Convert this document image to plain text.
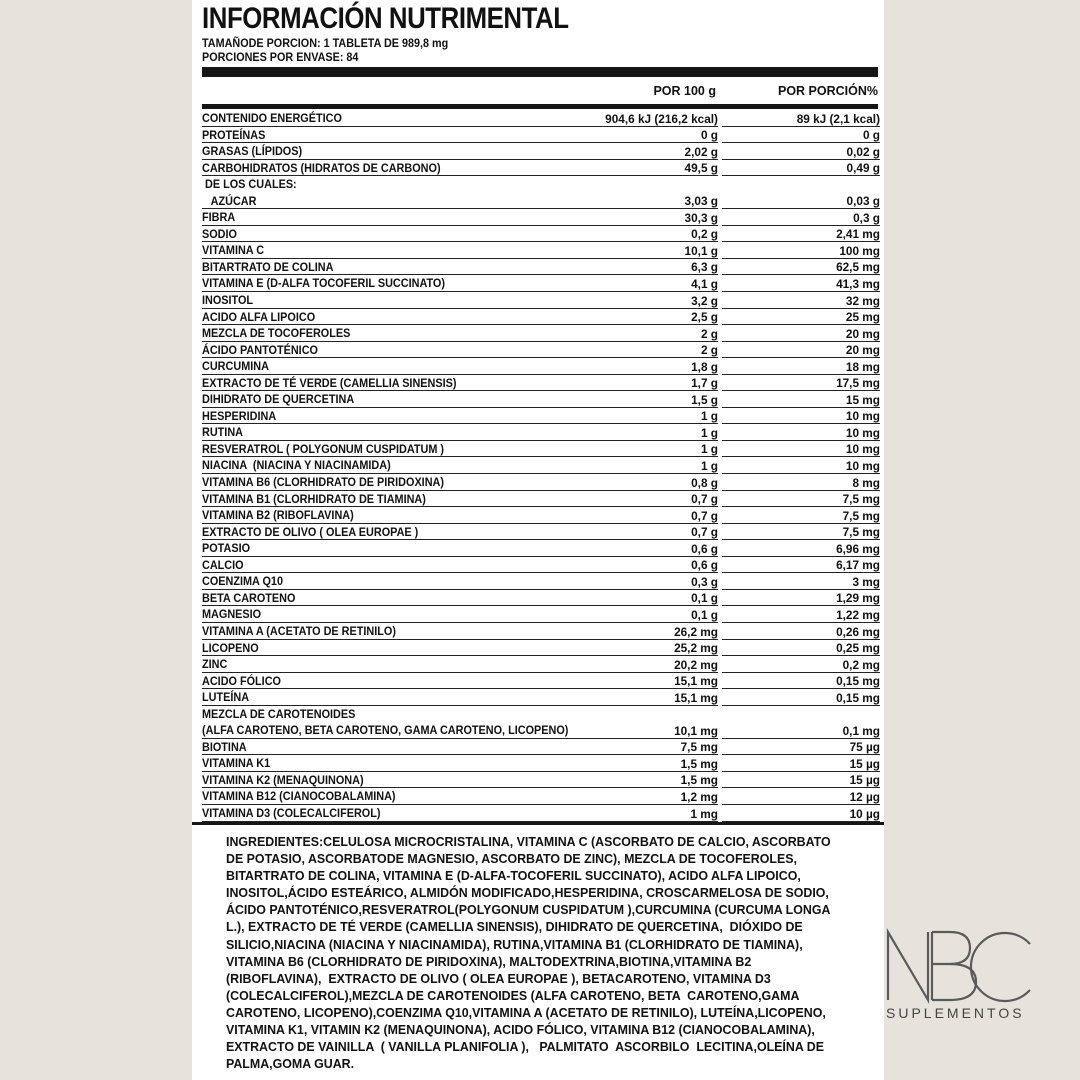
INFORMACIÓN NUTRIMENTAL
TAMAÑODE PORCION: 1 TABLETA DE 989,8 mg
PORCIONES POR ENVASE: 84
POR 100 g	POR PORCIÓN%
CONTENIDO ENERGÉTICO	904,6 kJ (216,2 kcal)	89 kJ (2,1 kcal)
PROTEÍNAS	0 g	0 g
GRASAS (LÍPIDOS)	2,02 g	0,02 g
CARBOHIDRATOS (HIDRATOS DE CARBONO)	49,5 g	0,49 g
DE LOS CUALES:
AZÚCAR	3,03 g	0,03 g
FIBRA	30,3 g	0,3 g
SODIO	0,2 g	2,41 mg
VITAMINA C	10,1 g	100 mg
BITARTRATO DE COLINA	6,3 g	62,5 mg
VITAMINA E (D-ALFA TOCOFERIL SUCCINATO)	4,1 g	41,3 mg
INOSITOL	3,2 g	32 mg
ACIDO ALFA LIPOICO	2,5 g	25 mg
MEZCLA DE TOCOFEROLES	2 g	20 mg
ÁCIDO PANTOTÉNICO	2 g	20 mg
CURCUMINA	1,8 g	18 mg
EXTRACTO DE TÉ VERDE (CAMELLIA SINENSIS)	1,7 g	17,5 mg
DIHIDRATO DE QUERCETINA	1,5 g	15 mg
HESPERIDINA	1 g	10 mg
RUTINA	1 g	10 mg
RESVERATROL ( POLYGONUM CUSPIDATUM )	1 g	10 mg
NIACINA  (NIACINA Y NIACINAMIDA)	1 g	10 mg
VITAMINA B6 (CLORHIDRATO DE PIRIDOXINA)	0,8 g	8 mg
VITAMINA B1 (CLORHIDRATO DE TIAMINA)	0,7 g	7,5 mg
VITAMINA B2 (RIBOFLAVINA)	0,7 g	7,5 mg
EXTRACTO DE OLIVO ( OLEA EUROPAE )	0,7 g	7,5 mg
POTASIO	0,6 g	6,96 mg
CALCIO	0,6 g	6,17 mg
COENZIMA Q10	0,3 g	3 mg
BETA CAROTENO	0,1 g	1,29 mg
MAGNESIO	0,1 g	1,22 mg
VITAMINA A (ACETATO DE RETINILO)	26,2 mg	0,26 mg
LICOPENO	25,2 mg	0,25 mg
ZINC	20,2 mg	0,2 mg
ACIDO FÓLICO	15,1 mg	0,15 mg
LUTEÍNA	15,1 mg	0,15 mg
MEZCLA DE CAROTENOIDES
(ALFA CAROTENO, BETA CAROTENO, GAMA CAROTENO, LICOPENO)	10,1 mg	0,1 mg
BIOTINA	7,5 mg	75 µg
VITAMINA K1	1,5 mg	15 µg
VITAMINA K2 (MENAQUINONA)	1,5 mg	15 µg
VITAMINA B12 (CIANOCOBALAMINA)	1,2 mg	12 µg
VITAMINA D3 (COLECALCIFEROL)	1 mg	10 µg
INGREDIENTES:CELULOSA MICROCRISTALINA, VITAMINA C (ASCORBATO DE CALCIO, ASCORBATO
DE POTASIO, ASCORBATODE MAGNESIO, ASCORBATO DE ZINC), MEZCLA DE TOCOFEROLES,
BITARTRATO DE COLINA, VITAMINA E (D-ALFA-TOCOFERIL SUCCINATO), ACIDO ALFA LIPOICO,
INOSITOL,ÁCIDO ESTEÁRICO, ALMIDÓN MODIFICADO,HESPERIDINA, CROSCARMELOSA DE SODIO,
ÁCIDO PANTOTÉNICO,RESVERATROL(POLYGONUM CUSPIDATUM ),CURCUMINA (CURCUMA LONGA
L.), EXTRACTO DE TÉ VERDE (CAMELLIA SINENSIS), DIHIDRATO DE QUERCETINA,  DIÓXIDO DE
SILICIO,NIACINA (NIACINA Y NIACINAMIDA), RUTINA,VITAMINA B1 (CLORHIDRATO DE TIAMINA),
VITAMINA B6 (CLORHIDRATO DE PIRIDOXINA), MALTODEXTRINA,BIOTINA,VITAMINA B2
(RIBOFLAVINA),  EXTRACTO DE OLIVO ( OLEA EUROPAE ), BETACAROTENO, VITAMINA D3
(COLECALCIFEROL),MEZCLA DE CAROTENOIDES (ALFA CAROTENO, BETA  CAROTENO,GAMA
CAROTENO, LICOPENO),COENZIMA Q10,VITAMINA A (ACETATO DE RETINILO), LUTEÍNA,LICOPENO,
VITAMINA K1, VITAMIN K2 (MENAQUINONA), ACIDO FÓLICO, VITAMINA B12 (CIANOCOBALAMINA),
EXTRACTO DE VAINILLA  ( VANILLA PLANIFOLIA ),   PALMITATO  ASCORBILO  LECITINA,OLEÍNA DE
PALMA,GOMA GUAR.
SUPLEMENTOS
